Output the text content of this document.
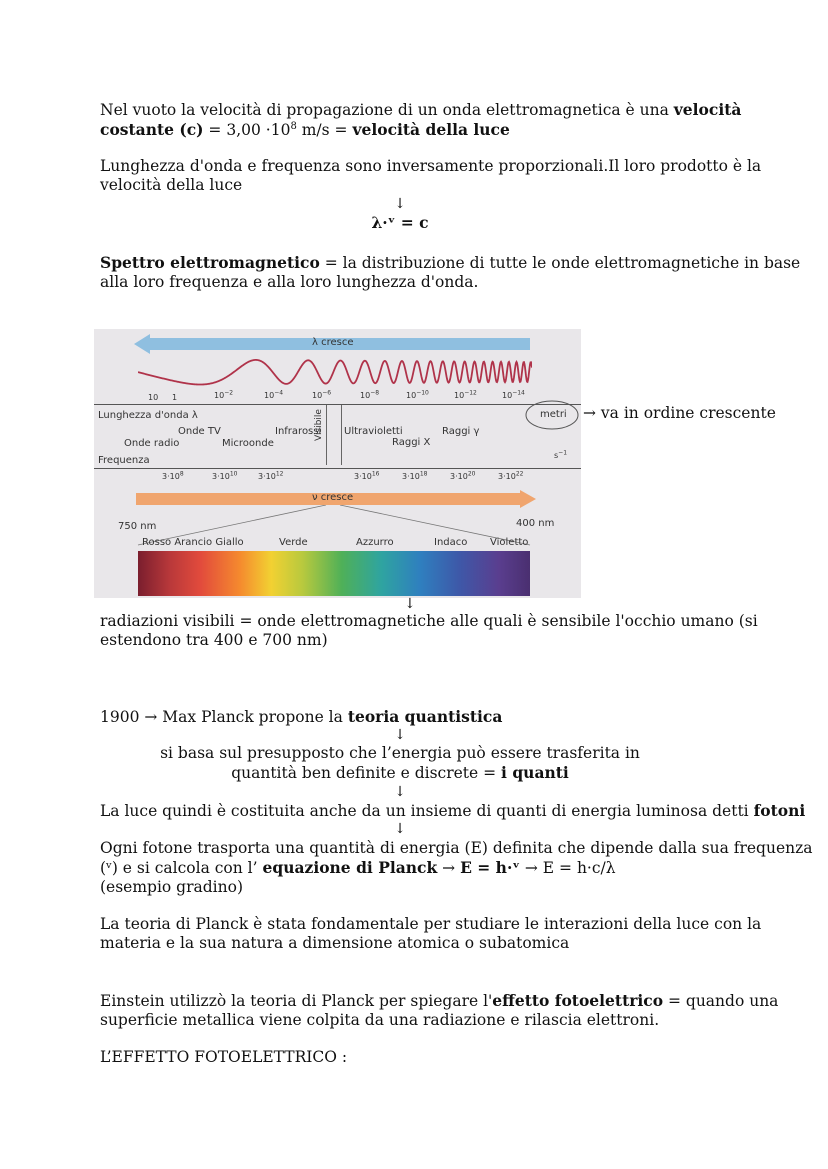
Nel vuoto la velocità di propagazione di un onda elettromagnetica è una velocità
costante $(c) = 3,00 \cdot 10^8$ m/s = velocità della luce
Lunghezza d'onda e frequenza sono inversamente proporzionali.Il loro prodotto è la
velocità della luce
↓
λ·ᵛ = c
Spettro elettromagnetico = la distribuzione di tutte le onde elettromagnetiche in base
alla loro frequenza e alla loro lunghezza d'onda.
λ cresce
10 1	$10^{-2}$	$10^{-4}$	$10^{-6}$	$10^{-8}$	$10^{-10}$	$10^{-12}$	$10^{-14}$
Lunghezza d'onda λ	metri
Visibile
Onde TV
Onde radio	Microonde
Infrarossi Ultravioletti
Raggi X
Raggi γ
Frequenza	$s^{-1}$
$3\cdot 10^8$	$3\cdot 10^{10}$	$3\cdot 10^{12}$	$3\cdot 10^{16}$	$3\cdot 10^{18}$	$3\cdot 10^{20}$	$3\cdot 10^{22}$
ν cresce
750 nm	400 nm
Rosso Arancio Giallo	Verde	Azzurro	Indaco Violetto
→ va in ordine crescente
↓
radiazioni visibili = onde elettromagnetiche alle quali è sensibile l'occhio umano (si
estendono tra 400 e 700 nm)
1900 → Max Planck propone la teoria quantistica
↓
si basa sul presupposto che l’energia può essere trasferita in
quantità ben definite e discrete = i quanti
↓
La luce quindi è costituita anche da un insieme di quanti di energia luminosa detti fotoni
↓
Ogni fotone trasporta una quantità di energia (E) definita che dipende dalla sua frequenza
(ᵛ) e si calcola con l’ equazione di Planck → E = h·ᵛ → E = h·c/λ
(esempio gradino)
La teoria di Planck è stata fondamentale per studiare le interazioni della luce con la
materia e la sua natura a dimensione atomica o subatomica
Einstein utilizzò la teoria di Planck per spiegare l'effetto fotoelettrico = quando una
superficie metallica viene colpita da una radiazione e rilascia elettroni.
L’EFFETTO FOTOELETTRICO :
